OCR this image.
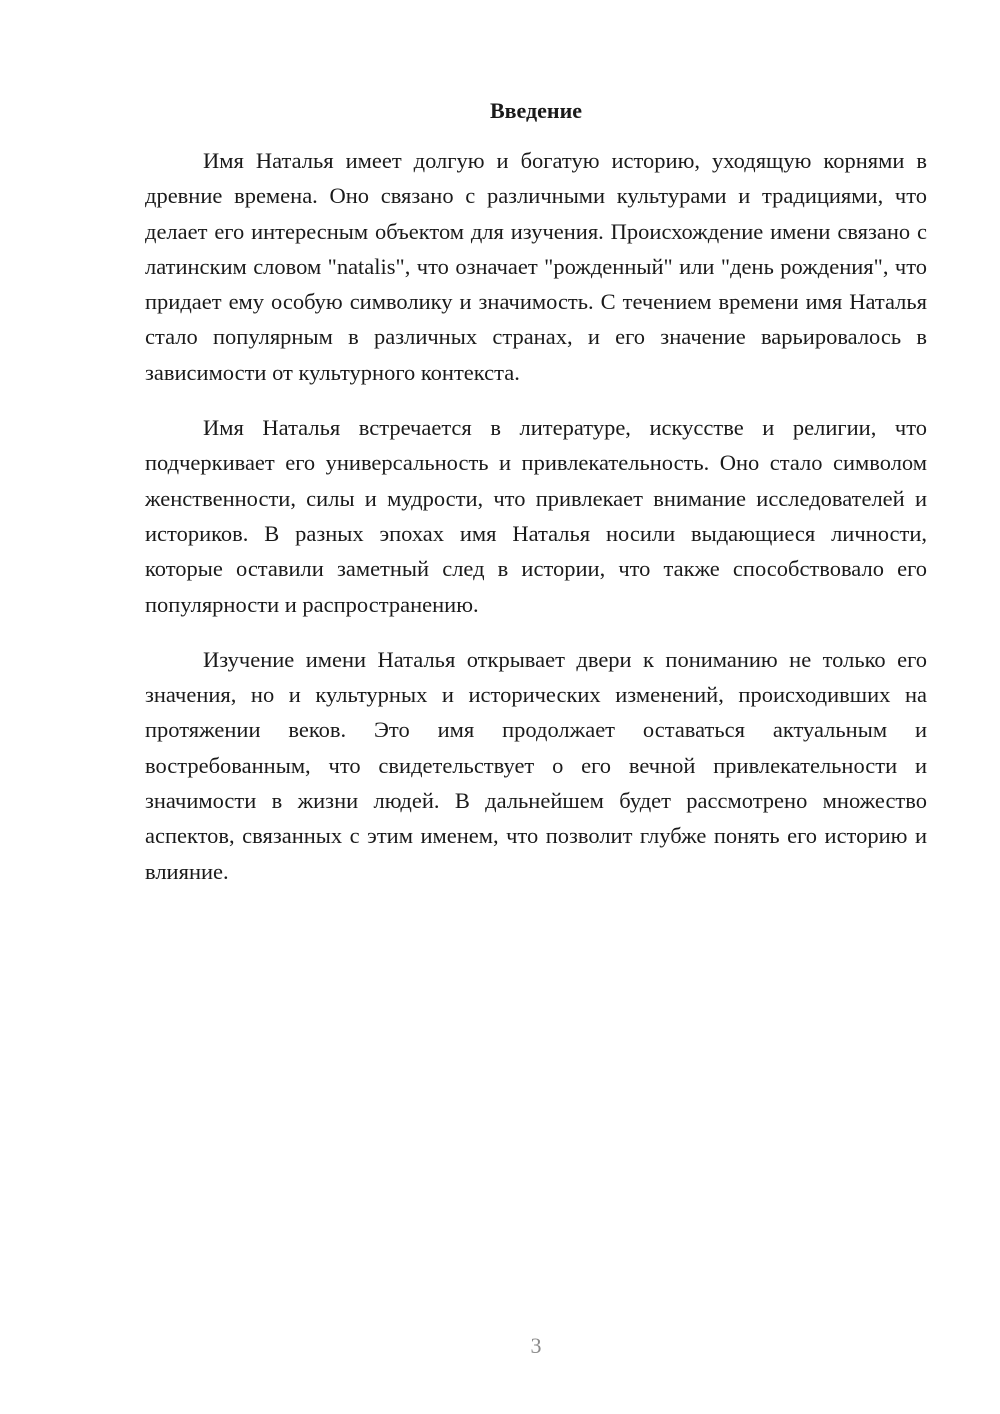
Введение

Имя Наталья имеет долгую и богатую историю, уходящую корнями в древние времена. Оно связано с различными культурами и традициями, что делает его интересным объектом для изучения. Происхождение имени связано с латинским словом "natalis", что означает "рожденный" или "день рождения", что придает ему особую символику и значимость. С течением времени имя Наталья стало популярным в различных странах, и его значение варьировалось в зависимости от культурного контекста.

Имя Наталья встречается в литературе, искусстве и религии, что подчеркивает его универсальность и привлекательность. Оно стало символом женственности, силы и мудрости, что привлекает внимание исследователей и историков. В разных эпохах имя Наталья носили выдающиеся личности, которые оставили заметный след в истории, что также способствовало его популярности и распространению.

Изучение имени Наталья открывает двери к пониманию не только его значения, но и культурных и исторических изменений, происходивших на протяжении веков. Это имя продолжает оставаться актуальным и востребованным, что свидетельствует о его вечной привлекательности и значимости в жизни людей. В дальнейшем будет рассмотрено множество аспектов, связанных с этим именем, что позволит глубже понять его историю и влияние.

3
